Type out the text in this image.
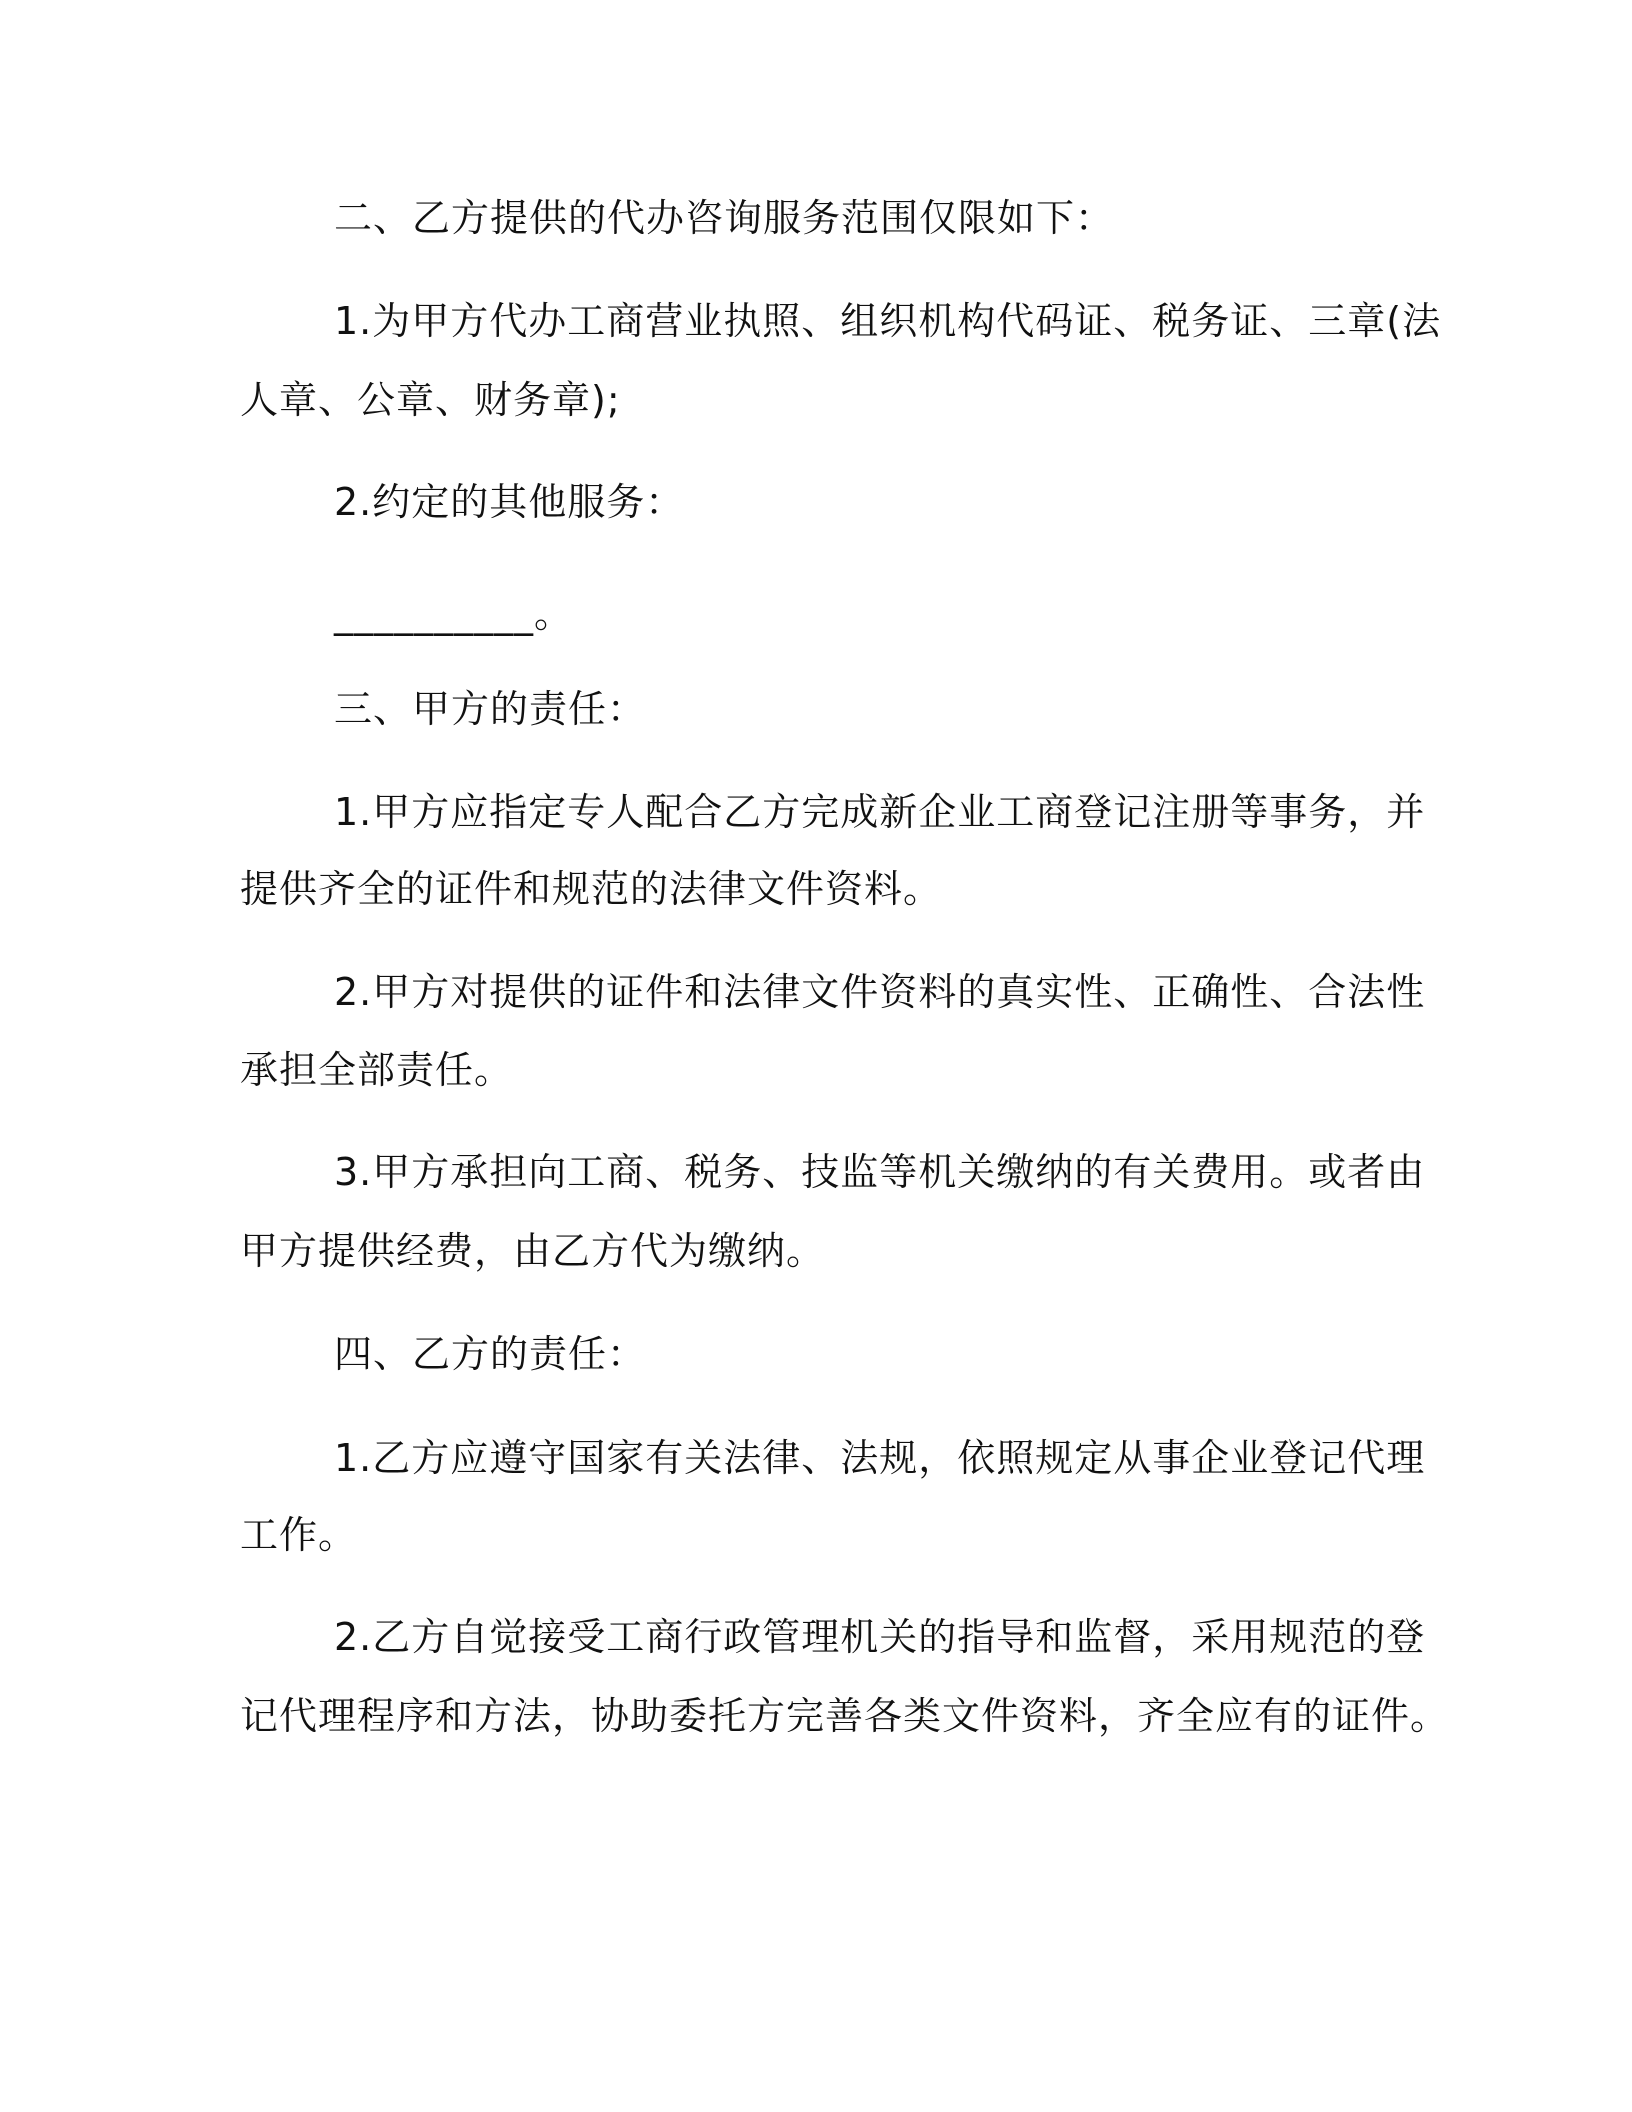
二、乙方提供的代办咨询服务范围仅限如下：
1.为甲方代办工商营业执照、组织机构代码证、税务证、三章(法
人章、公章、财务章);
2.约定的其他服务：
__________。
三、甲方的责任：
1.甲方应指定专人配合乙方完成新企业工商登记注册等事务，并
提供齐全的证件和规范的法律文件资料。
2.甲方对提供的证件和法律文件资料的真实性、正确性、合法性
承担全部责任。
3.甲方承担向工商、税务、技监等机关缴纳的有关费用。或者由
甲方提供经费，由乙方代为缴纳。
四、乙方的责任：
1.乙方应遵守国家有关法律、法规，依照规定从事企业登记代理
工作。
2.乙方自觉接受工商行政管理机关的指导和监督，采用规范的登
记代理程序和方法，协助委托方完善各类文件资料，齐全应有的证件。
